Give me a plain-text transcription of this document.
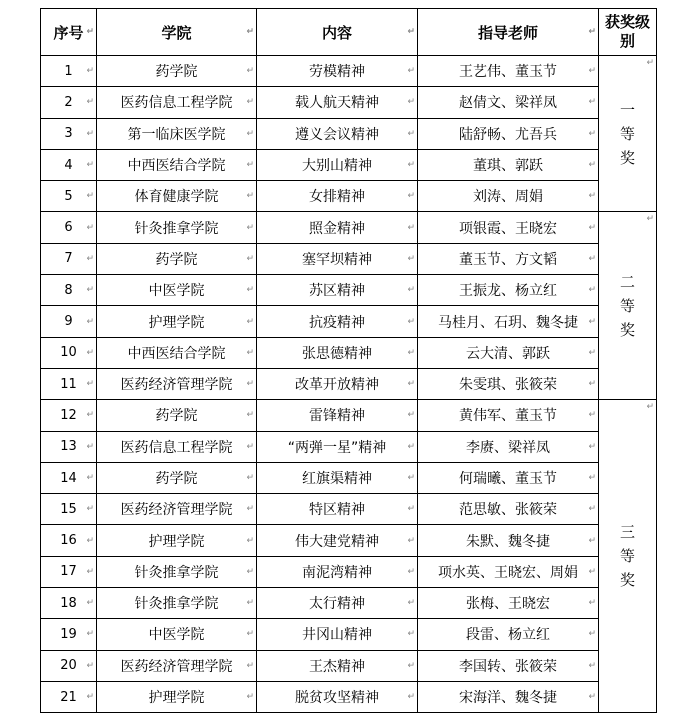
序号 ↵	学院 ↵	内容 ↵	指导老师 ↵	获奖级别
1 ↵	药学院 ↵	劳模精神 ↵	王艺伟、董玉节 ↵	↵
一等奖
2 ↵	医药信息工程学院 ↵	载人航天精神 ↵	赵倩文、梁祥凤 ↵	

3 ↵	第一临床医学院 ↵	遵义会议精神 ↵	陆舒畅、尤吾兵 ↵	

4 ↵	中西医结合学院 ↵	大别山精神 ↵	董琪、郭跃 ↵	

5 ↵	体育健康学院 ↵	女排精神 ↵	刘涛、周娟 ↵	

6 ↵	针灸推拿学院 ↵	照金精神 ↵	项银霞、王晓宏 ↵	↵
二等奖
7 ↵	药学院 ↵	塞罕坝精神 ↵	董玉节、方文韬 ↵	

8 ↵	中医学院 ↵	苏区精神 ↵	王振龙、杨立红 ↵	

9 ↵	护理学院 ↵	抗疫精神 ↵	马桂月、石玥、魏冬捷 ↵	

10 ↵	中西医结合学院 ↵	张思德精神 ↵	云大清、郭跃 ↵	

11 ↵	医药经济管理学院 ↵	改革开放精神 ↵	朱雯琪、张筱荣 ↵	

12 ↵	药学院 ↵	雷锋精神 ↵	黄伟军、董玉节 ↵	↵
三等奖
13 ↵	医药信息工程学院 ↵	“两弹一星”精神 ↵	李赓、梁祥凤 ↵	

14 ↵	药学院 ↵	红旗渠精神 ↵	何瑞曦、董玉节 ↵	

15 ↵	医药经济管理学院 ↵	特区精神 ↵	范思敏、张筱荣 ↵	

16 ↵	护理学院 ↵	伟大建党精神 ↵	朱默、魏冬捷 ↵	

17 ↵	针灸推拿学院 ↵	南泥湾精神 ↵	项水英、王晓宏、周娟 ↵	

18 ↵	针灸推拿学院 ↵	太行精神 ↵	张梅、王晓宏 ↵	

19 ↵	中医学院 ↵	井冈山精神 ↵	段雷、杨立红 ↵	

20 ↵	医药经济管理学院 ↵	王杰精神 ↵	李国转、张筱荣 ↵	

21 ↵	护理学院 ↵	脱贫攻坚精神 ↵	宋海洋、魏冬捷 ↵	
